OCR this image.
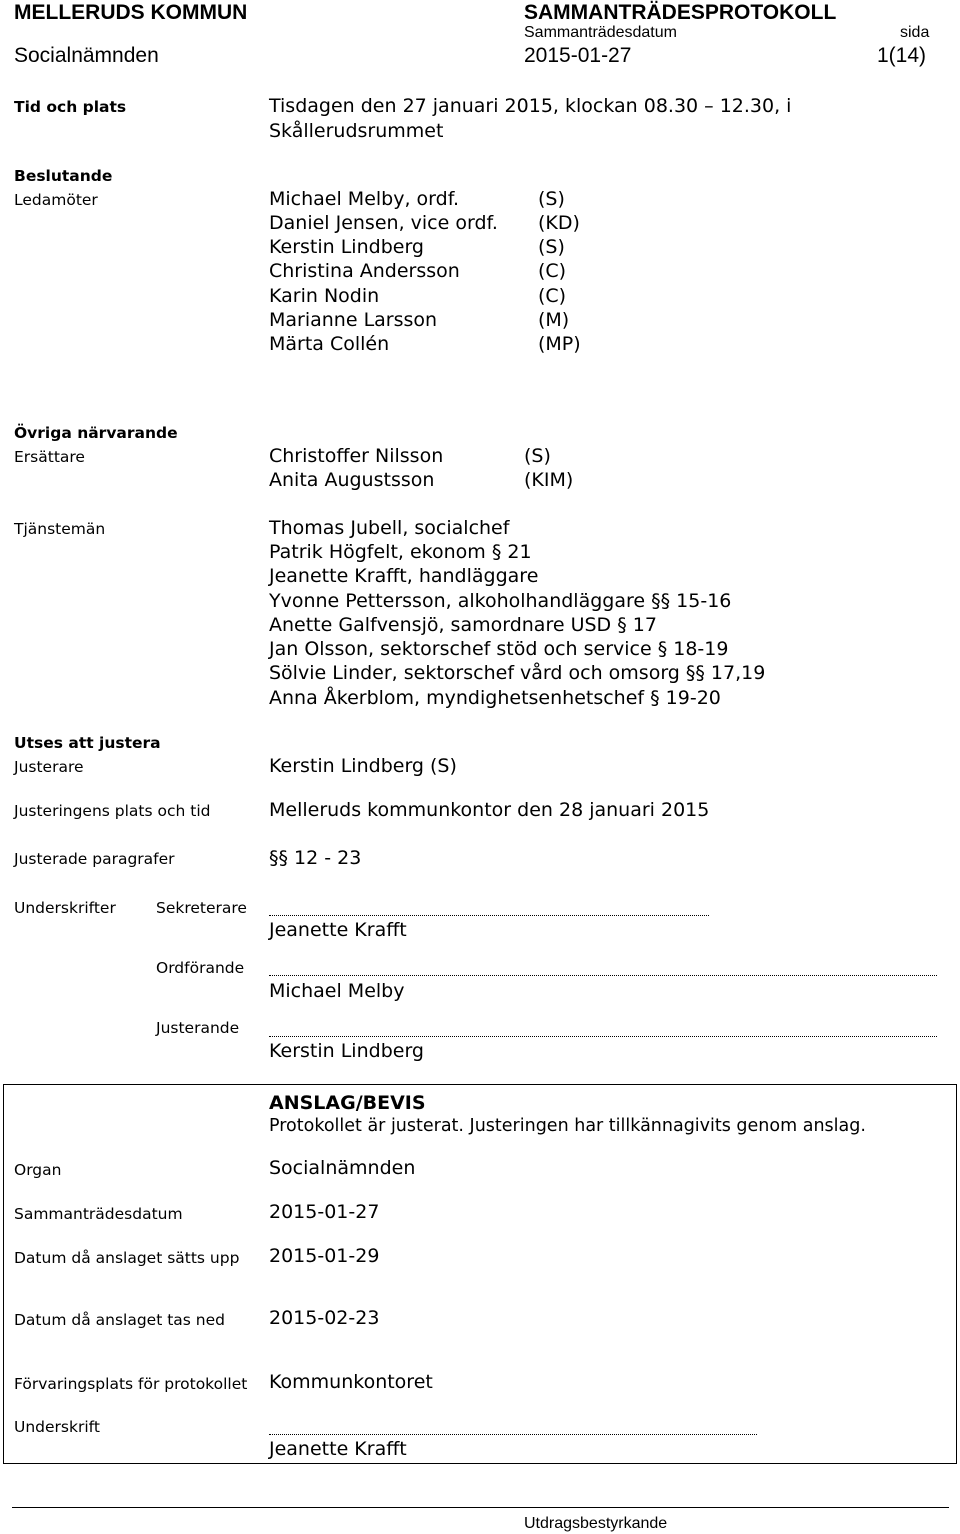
MELLERUDS KOMMUN	SAMMANTRÄDESPROTOKOLL
Sammanträdesdatum	sida
Socialnämnden	2015-01-27	1(14)
Tid och plats	Tisdagen den 27 januari 2015, klockan 08.30 – 12.30, i
Skållerudsrummet
Beslutande
Ledamöter	Michael Melby, ordf.	(S)
Daniel Jensen, vice ordf. (KD)
Kerstin Lindberg	(S)
Christina Andersson	(C)
Karin Nodin	(C)
Marianne Larsson	(M)
Märta Collén	(MP)
Övriga närvarande
Ersättare	Christoffer Nilsson	(S)
Anita Augustsson	(KIM)
Tjänstemän	Thomas Jubell, socialchef
Patrik Högfelt, ekonom § 21
Jeanette Krafft, handläggare
Yvonne Pettersson, alkoholhandläggare §§ 15-16
Anette Galfvensjö, samordnare USD § 17
Jan Olsson, sektorschef stöd och service § 18-19
Sölvie Linder, sektorschef vård och omsorg §§ 17,19
Anna Åkerblom, myndighetsenhetschef § 19-20
Utses att justera
Justerare	Kerstin Lindberg (S)
Justeringens plats och tid	Melleruds kommunkontor den 28 januari 2015
Justerade paragrafer	§§ 12 - 23
Underskrifter	Sekreterare
Jeanette Krafft
Ordförande
Michael Melby
Justerande
Kerstin Lindberg
ANSLAG/BEVIS
Protokollet är justerat. Justeringen har tillkännagivits genom anslag.
Organ	Socialnämnden
Sammanträdesdatum	2015-01-27
Datum då anslaget sätts upp 2015-01-29
Datum då anslaget tas ned 2015-02-23
Förvaringsplats för protokollet Kommunkontoret
Underskrift
Jeanette Krafft
Utdragsbestyrkande
